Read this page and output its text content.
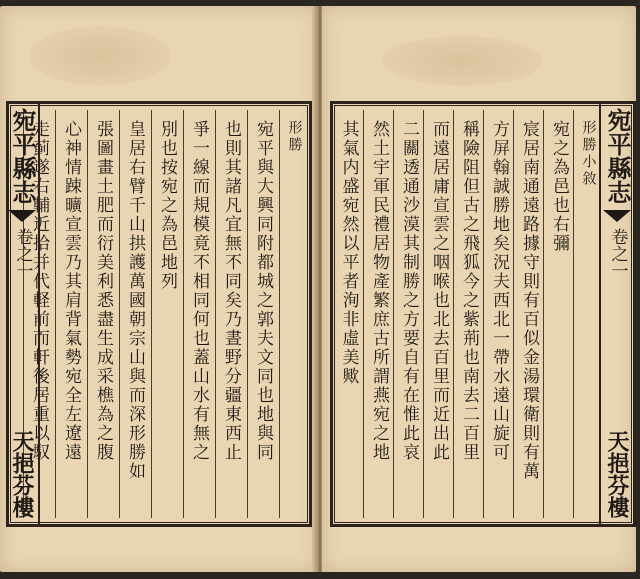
形勝
宛平與大興同附都城之郭夫文同也地與同
也則其諸凡宜無不同矣乃晝野分疆東西止
爭一線而規模竟不相同何也蓋山水有無之
別也按宛之為邑地列
皇居右臂千山拱護萬國朝宗山與而深形勝如
張圖畫土肥而衍美利悉盡生成采樵為之腹
心神情踈曠宣雲乃其肩背氣勢宛全左遼遠
走蓟遂右輔近拾并代軽前而軒後居重以馭
宛平縣志
卷之一
天挹芬樓
其氣内盛宛然以平者洵非虛美歟 然土宇軍民禮居物產繁庶古所謂燕宛之地 二關透通沙漠其制勝之方要自有在惟此哀 而遠居庸宣雲之咽喉也北去百里而近出此 稱險阻但古之飛狐今之紫荊也南去二百里 方屏翰誠勝地矣況夫西北一帶水遠山旋可 宸居南通遠路據守則有百似金湯環衛則有萬 宛之為邑也右彌 形勝小敘 宛平縣志
卷之一
天挹芬樓
